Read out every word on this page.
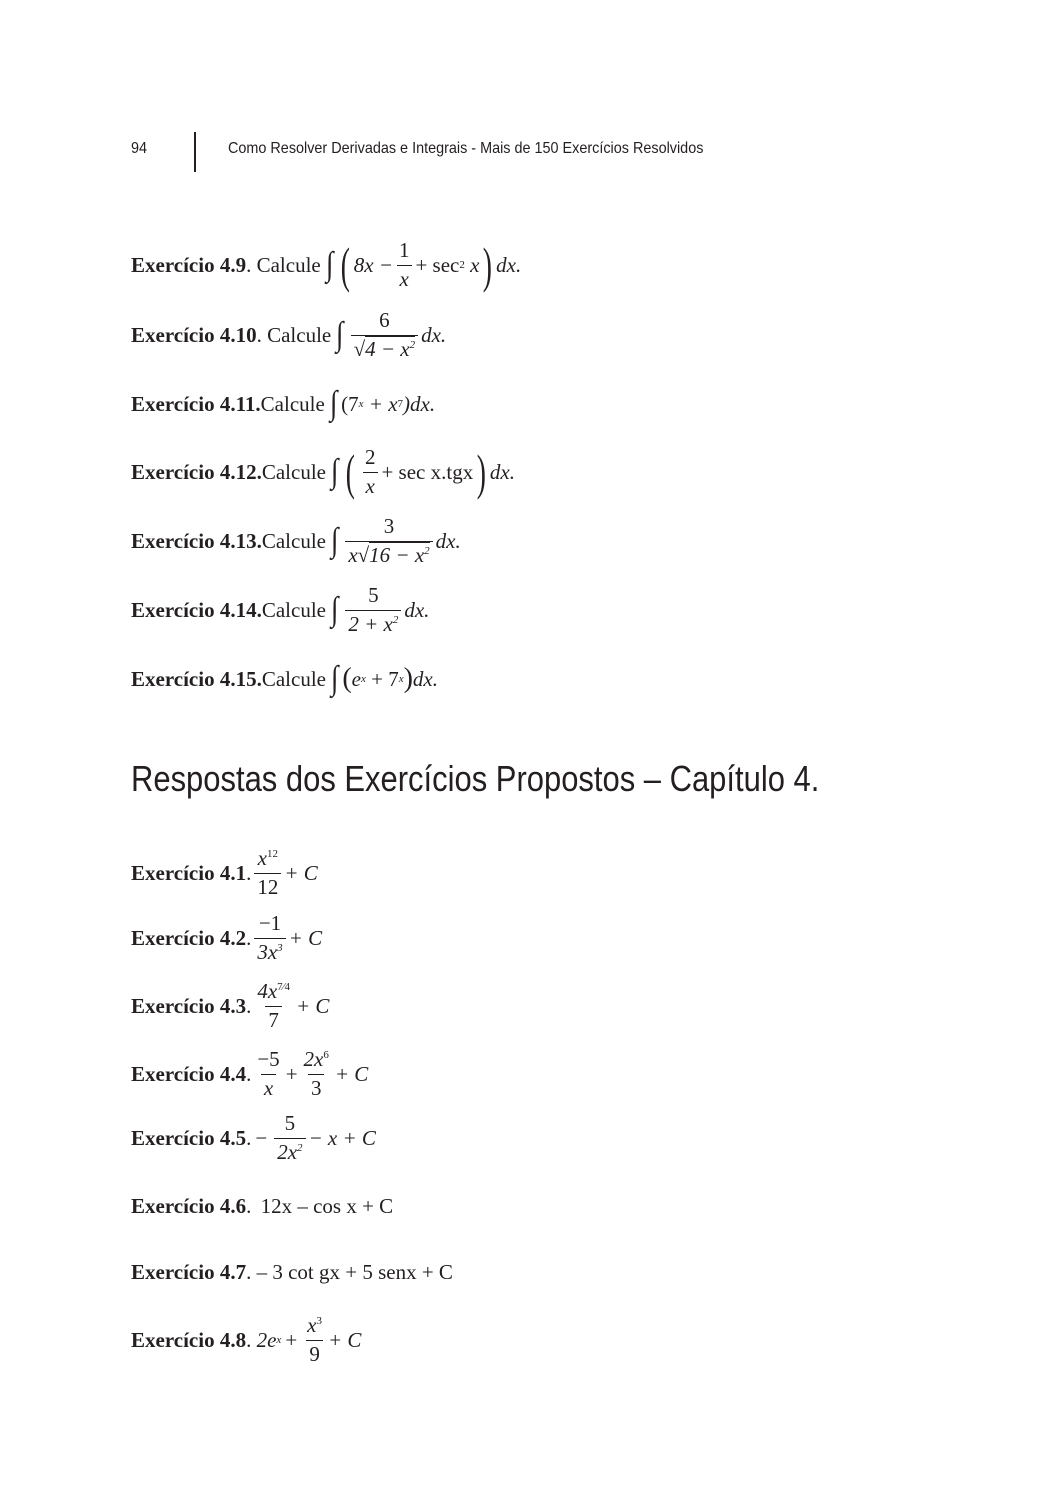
94	Como Resolver Derivadas e Integrais - Mais de 150 Exercícios Resolvidos
Exercício 4.9 . Calcule ∫ ( $8x - \frac{1}{x} + \sec 2$
x ) dx.
Exercício 4.10 . Calcule ∫ $\frac{6}{√4 - x^2}$ dx.
Exercício 4.11. Calcule ∫ (7 x
+ x 7 )dx.
Exercício 4.12. Calcule ∫ ( $\frac{2}{x} + \sec x.tgx$ ) dx.
Exercício 4.13. Calcule ∫ $\frac{3}{x√16 - x^2}$ dx.
Exercício 4.14. Calcule ∫ $\frac{5}{2 + x^2}$ dx.
Exercício 4.15. Calcule ∫ ( e x
+ 7 x ) dx.
Respostas dos Exercícios Propostos – Capítulo 4.
Exercício 4.1 . $\frac{x^{12}}{12} + C$
Exercício 4.2 . $\frac{-1}{3x^3} + C$
Exercício 4.3 . $\frac{4x^{7⁄4}}{7} + C$
Exercício 4.4 . $\frac{-5}{x} + \frac{2x^6}{3} + C$
Exercício 4.5 . − $\frac{5}{2x^2} - x + C$
Exercício 4.6 .
12x – cos x + C
Exercício 4.7 .
– 3 cot gx + 5 senx + C
Exercício 4.8 .
2e $x + \frac{x^3}{9} + C$
